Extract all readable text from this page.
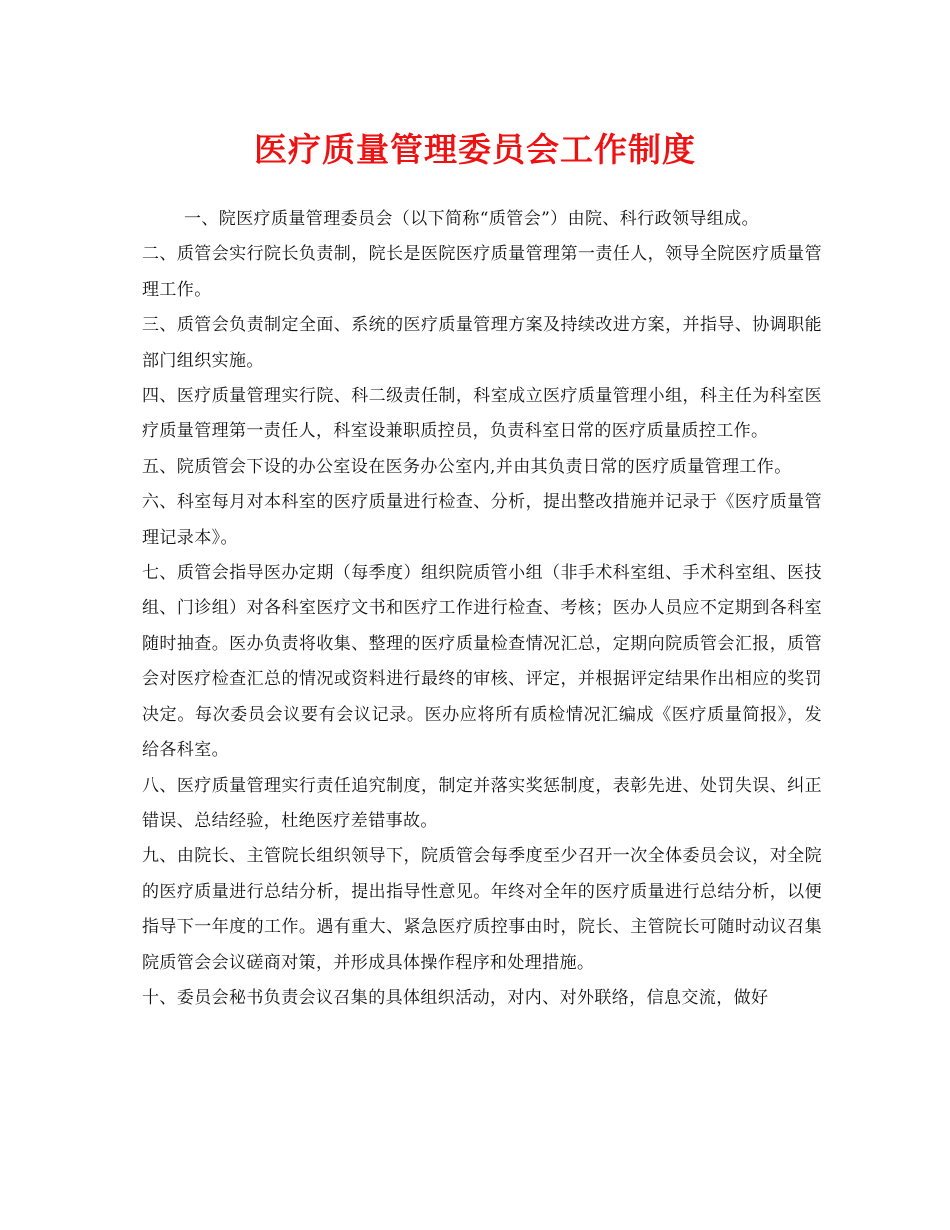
医疗质量管理委员会工作制度

一、院医疗质量管理委员会（以下简称“质管会”）由院、科行政领导组成。

二、质管会实行院长负责制，院长是医院医疗质量管理第一责任人，领导全院医疗质量管理工作。

三、质管会负责制定全面、系统的医疗质量管理方案及持续改进方案，并指导、协调职能部门组织实施。

四、医疗质量管理实行院、科二级责任制，科室成立医疗质量管理小组，科主任为科室医疗质量管理第一责任人，科室设兼职质控员，负责科室日常的医疗质量质控工作。

五、院质管会下设的办公室设在医务办公室内,并由其负责日常的医疗质量管理工作。

六、科室每月对本科室的医疗质量进行检查、分析，提出整改措施并记录于《医疗质量管理记录本》。

七、质管会指导医办定期（每季度）组织院质管小组（非手术科室组、手术科室组、医技组、门诊组）对各科室医疗文书和医疗工作进行检查、考核；医办人员应不定期到各科室随时抽查。医办负责将收集、整理的医疗质量检查情况汇总，定期向院质管会汇报，质管会对医疗检查汇总的情况或资料进行最终的审核、评定，并根据评定结果作出相应的奖罚决定。每次委员会议要有会议记录。医办应将所有质检情况汇编成《医疗质量简报》，发给各科室。

八、医疗质量管理实行责任追究制度，制定并落实奖惩制度，表彰先进、处罚失误、纠正错误、总结经验，杜绝医疗差错事故。

九、由院长、主管院长组织领导下，院质管会每季度至少召开一次全体委员会议，对全院的医疗质量进行总结分析，提出指导性意见。年终对全年的医疗质量进行总结分析，以便指导下一年度的工作。遇有重大、紧急医疗质控事由时，院长、主管院长可随时动议召集院质管会会议磋商对策，并形成具体操作程序和处理措施。

十、委员会秘书负责会议召集的具体组织活动，对内、对外联络，信息交流，做好
